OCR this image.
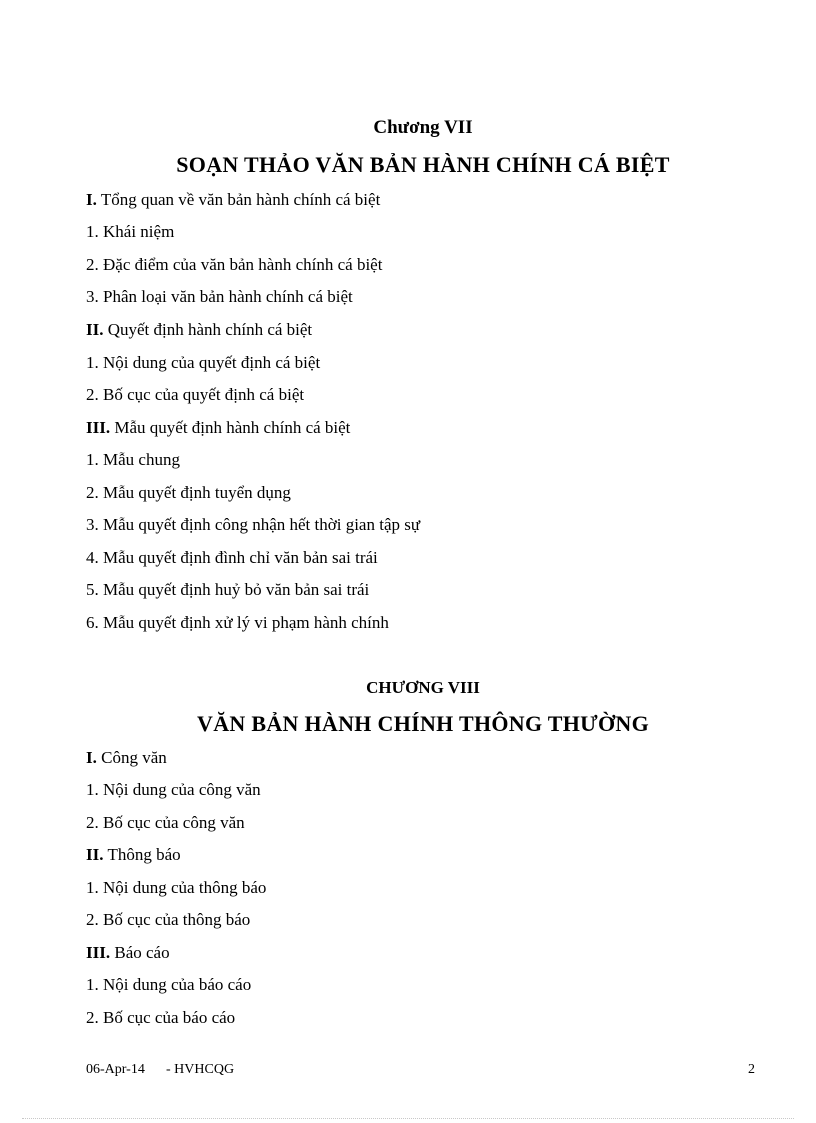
Chương VII
SOẠN THẢO VĂN BẢN HÀNH CHÍNH CÁ BIỆT
I. Tổng quan về văn bản hành chính cá biệt
1. Khái niệm
2. Đặc điểm của văn bản hành chính cá biệt
3. Phân loại văn bản hành chính cá biệt
II. Quyết định hành chính cá biệt
1. Nội dung của quyết định cá biệt
2. Bố cục của quyết định cá biệt
III. Mẫu quyết định hành chính cá biệt
1. Mẫu chung
2. Mẫu quyết định tuyển dụng
3. Mẫu quyết định công nhận hết thời gian tập sự
4. Mẫu quyết định đình chỉ văn bản sai trái
5. Mẫu quyết định huỷ bỏ văn bản sai trái
6. Mẫu quyết định xử lý vi phạm hành chính
CHƯƠNG VIII
VĂN BẢN HÀNH CHÍNH THÔNG THƯỜNG
I. Công văn
1. Nội dung của công văn
2. Bố cục của công văn
II. Thông báo
1. Nội dung của thông báo
2. Bố cục của thông báo
III. Báo cáo
1. Nội dung của báo cáo
2. Bố cục của báo cáo
06-Apr-14 - HVHCQG	2
